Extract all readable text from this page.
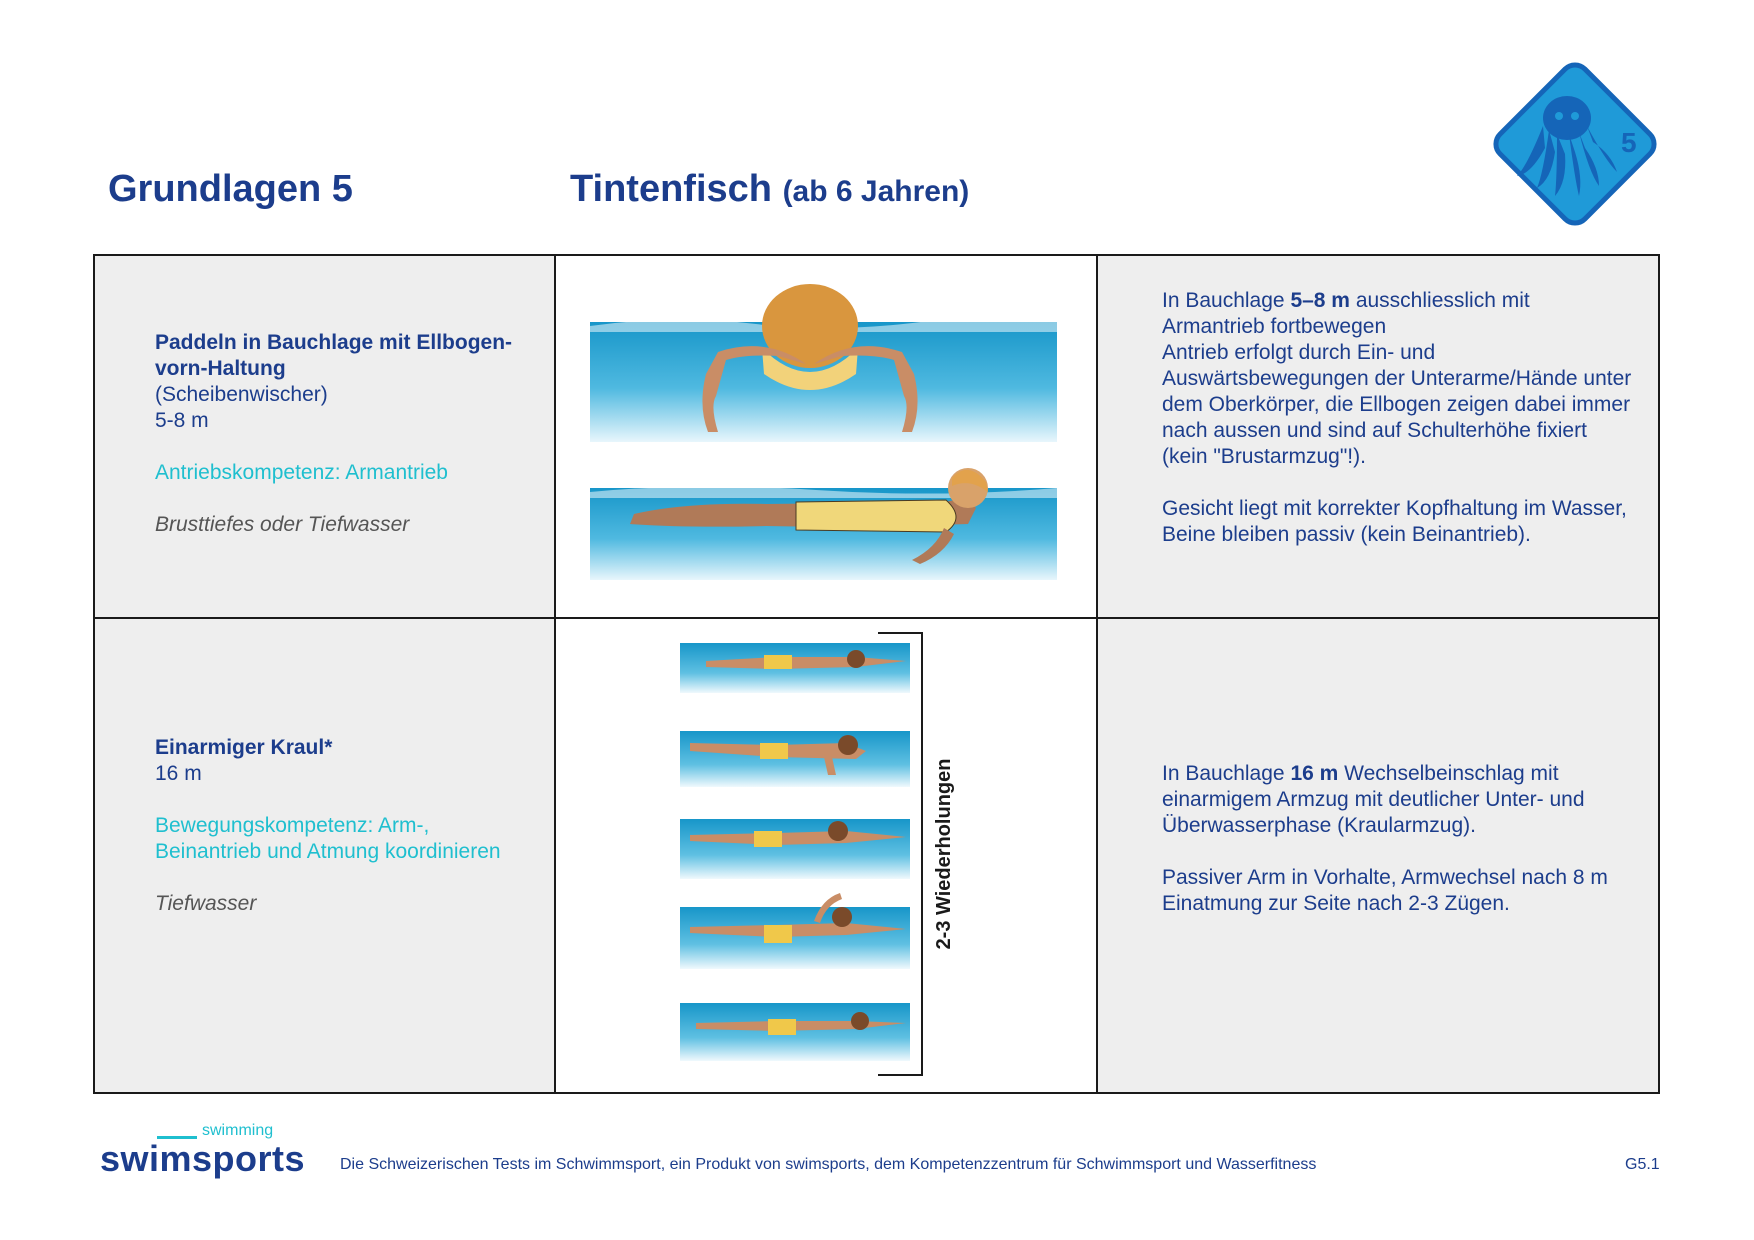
Grundlagen 5	Tintenfisch (ab 6 Jahren)
5

Paddeln in Bauchlage mit Ellbogen-vorn-Haltung

(Scheibenwischer)

5-8 m

Antriebskompetenz: Armantrieb

Brusttiefes oder Tiefwasser

In Bauchlage 5–8 m ausschliesslich mit Armantrieb fortbewegen

Antrieb erfolgt durch Ein- und Auswärtsbewegungen der Unterarme/Hände unter dem Oberkörper, die Ellbogen zeigen dabei immer nach aussen und sind auf Schulterhöhe fixiert (kein "Brustarmzug"!).

Gesicht liegt mit korrekter Kopfhaltung im Wasser, Beine bleiben passiv (kein Beinantrieb).

Einarmiger Kraul*

16 m

Bewegungskompetenz: Arm-, Beinantrieb und Atmung koordinieren

Tiefwasser	2-3 Wiederholungen	In Bauchlage 16 m Wechselbeinschlag mit einarmigem Armzug mit deutlicher Unter- und Überwasserphase (Kraularmzug).

Passiver Arm in Vorhalte, Armwechsel nach 8 m Einatmung zur Seite nach 2-3 Zügen.

swimming
swimsports Die Schweizerischen Tests im Schwimmsport, ein Produkt von swimsports, dem Kompetenzzentrum für Schwimmsport und Wasserfitness	G5.1
